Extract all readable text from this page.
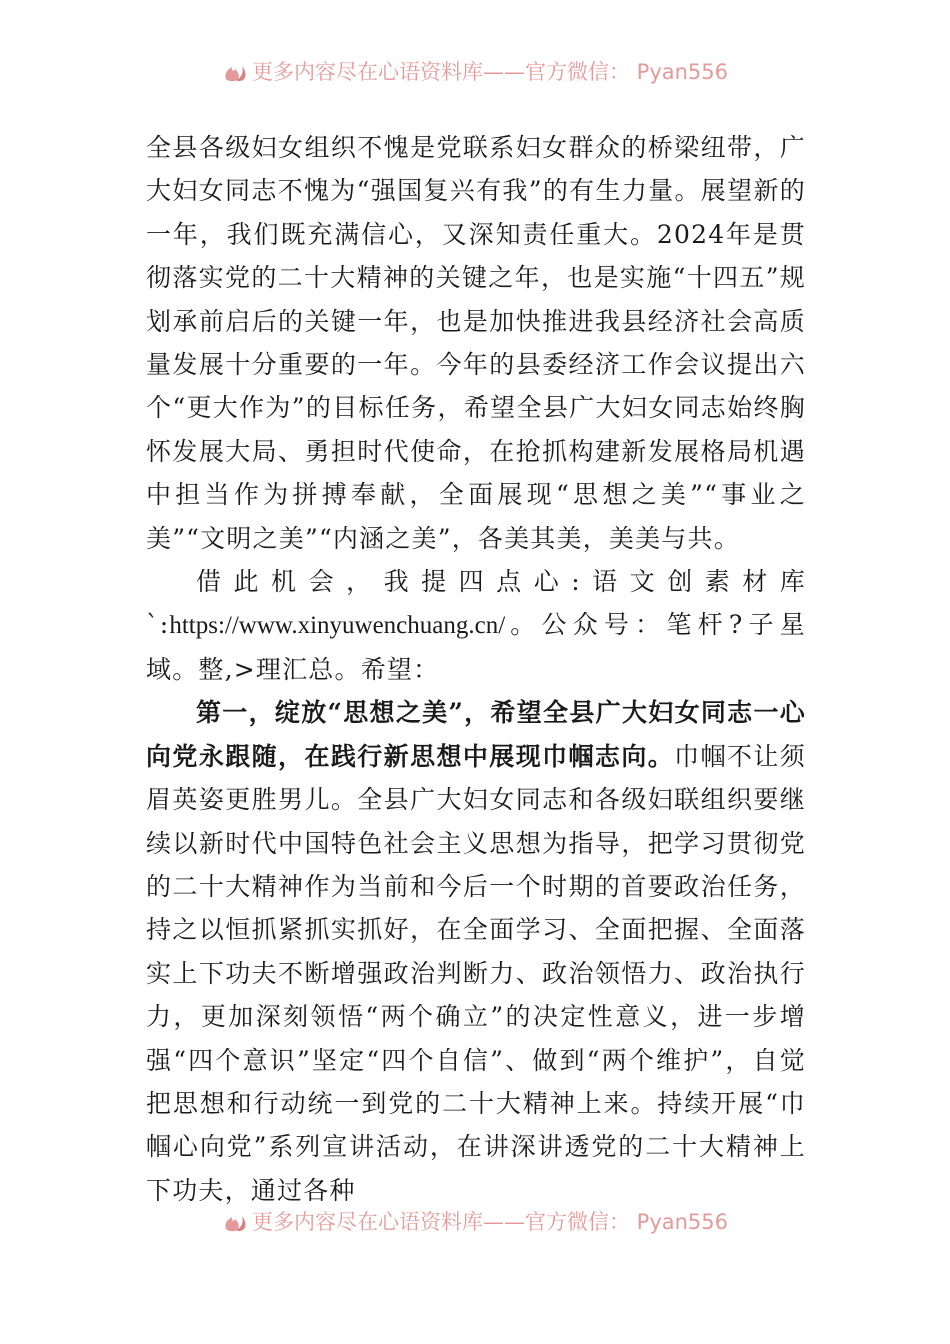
更多内容尽在心语资料库——官方微信： Pyan556

全县各级妇女组织不愧是党联系妇女群众的桥梁纽带，广大妇女同志不愧为“强国复兴有我”的有生力量。展望新的一年，我们既充满信心，又深知责任重大。2024年是贯彻落实党的二十大精神的关键之年，也是实施“十四五”规划承前启后的关键一年，也是加快推进我县经济社会高质量发展十分重要的一年。今年的县委经济工作会议提出六个“更大作为”的目标任务，希望全县广大妇女同志始终胸怀发展大局、勇担时代使命，在抢抓构建新发展格局机遇中担当作为拼搏奉献，全面展现“思想之美”“事业之美”“文明之美”“内涵之美”，各美其美，美美与共。

借此机会，我提四点心:语文创素材库`:https://www.xinyuwenchuang.cn/。公众号：笔杆?子星域。整,>理汇总。希望：

第一，绽放“思想之美”，希望全县广大妇女同志一心向党永跟随，在践行新思想中展现巾帼志向。巾帼不让须眉英姿更胜男儿。全县广大妇女同志和各级妇联组织要继续以新时代中国特色社会主义思想为指导，把学习贯彻党的二十大精神作为当前和今后一个时期的首要政治任务，持之以恒抓紧抓实抓好，在全面学习、全面把握、全面落实上下功夫不断增强政治判断力、政治领悟力、政治执行力，更加深刻领悟“两个确立”的决定性意义，进一步增强“四个意识”坚定“四个自信”、做到“两个维护”，自觉把思想和行动统一到党的二十大精神上来。持续开展“巾帼心向党”系列宣讲活动，在讲深讲透党的二十大精神上下功夫，通过各种

更多内容尽在心语资料库——官方微信： Pyan556
